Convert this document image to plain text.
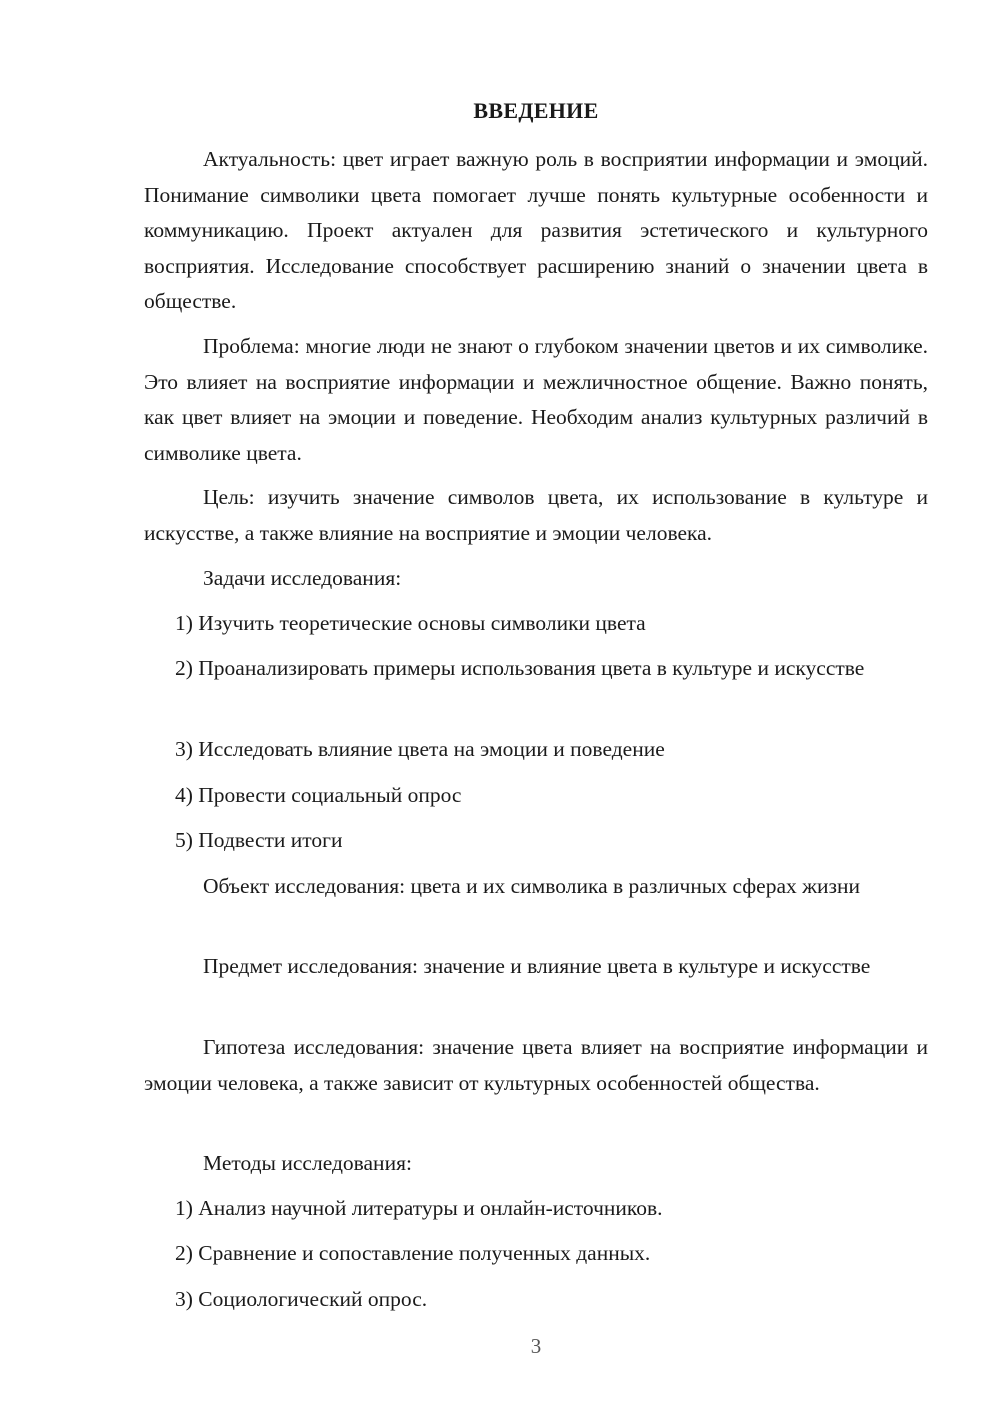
ВВЕДЕНИЕ

Актуальность: цвет играет важную роль в восприятии информации и эмоций. Понимание символики цвета помогает лучше понять культурные особенности и коммуникацию. Проект актуален для развития эстетического и культурного восприятия. Исследование способствует расширению знаний о значении цвета в обществе.

Проблема: многие люди не знают о глубоком значении цветов и их символике. Это влияет на восприятие информации и межличностное общение. Важно понять, как цвет влияет на эмоции и поведение. Необходим анализ культурных различий в символике цвета.

Цель: изучить значение символов цвета, их использование в культуре и искусстве, а также влияние на восприятие и эмоции человека.

Задачи исследования:

1) Изучить теоретические основы символики цвета

2) Проанализировать примеры использования цвета в культуре и искусстве

3) Исследовать влияние цвета на эмоции и поведение

4) Провести социальный опрос

5) Подвести итоги

Объект исследования: цвета и их символика в различных сферах жизни

Предмет исследования: значение и влияние цвета в культуре и искусстве

Гипотеза исследования: значение цвета влияет на восприятие информации и эмоции человека, а также зависит от культурных особенностей общества.

Методы исследования:

1) Анализ научной литературы и онлайн-источников.

2) Сравнение и сопоставление полученных данных.

3) Социологический опрос.

3
